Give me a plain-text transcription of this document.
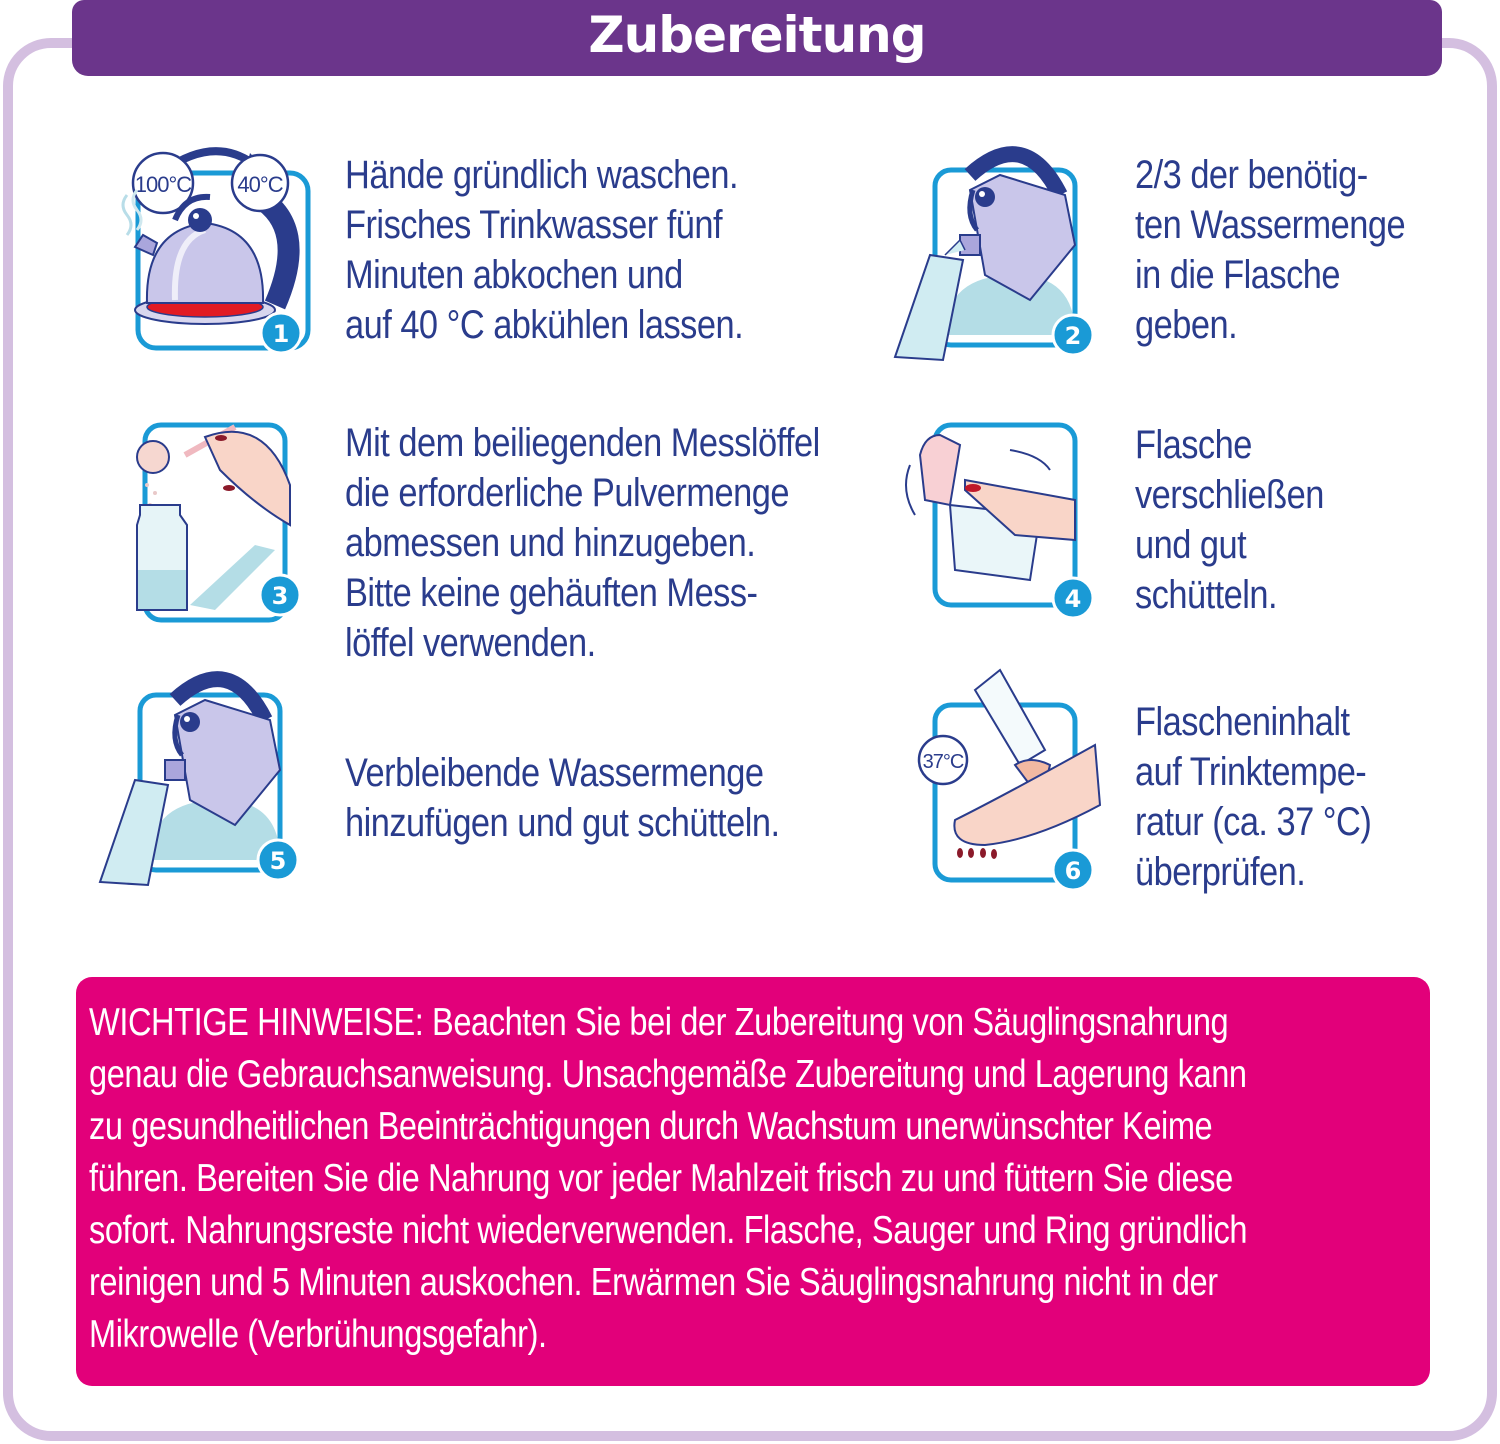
Zubereitung
100°C 40°C
1
Hände gründlich waschen.
Frisches Trinkwasser fünf
Minuten abkochen und
auf 40 °C abkühlen lassen.	2
2/3 der benötig-
ten Wassermenge
in die Flasche
geben.
3
Mit dem beiliegenden Messlöffel
die erforderliche Pulvermenge
abmessen und hinzugeben.
Bitte keine gehäuften Mess-
löffel verwenden.
4
Flasche
verschließen
und gut
schütteln.
5
Verbleibende Wassermenge
hinzufügen und gut schütteln.
37°C
6
Flascheninhalt
auf Trinktempe-
ratur (ca. 37 °C)
überprüfen.
WICHTIGE HINWEISE: Beachten Sie bei der Zubereitung von Säuglingsnahrung
genau die Gebrauchsanweisung. Unsachgemäße Zubereitung und Lagerung kann
zu gesundheitlichen Beeinträchtigungen durch Wachstum unerwünschter Keime
führen. Bereiten Sie die Nahrung vor jeder Mahlzeit frisch zu und füttern Sie diese
sofort. Nahrungsreste nicht wiederverwenden. Flasche, Sauger und Ring gründlich
reinigen und 5 Minuten auskochen. Erwärmen Sie Säuglingsnahrung nicht in der
Mikrowelle (Verbrühungsgefahr).
